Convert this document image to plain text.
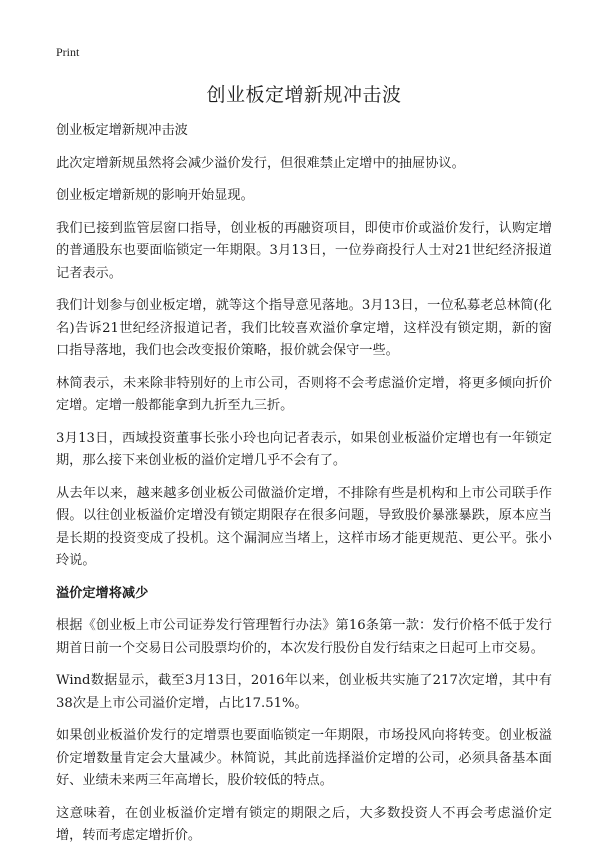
Print
创业板定增新规冲击波

创业板定增新规冲击波

此次定增新规虽然将会减少溢价发行，但很难禁止定增中的抽屉协议。

创业板定增新规的影响开始显现。

我们已接到监管层窗口指导，创业板的再融资项目，即使市价或溢价发行，认购定增的普通股东也要面临锁定一年期限。3月13日，一位券商投行人士对21世纪经济报道记者表示。

我们计划参与创业板定增，就等这个指导意见落地。3月13日，一位私募老总林简(化名)告诉21世纪经济报道记者，我们比较喜欢溢价拿定增，这样没有锁定期，新的窗口指导落地，我们也会改变报价策略，报价就会保守一些。

林简表示，未来除非特别好的上市公司，否则将不会考虑溢价定增，将更多倾向折价定增。定增一般都能拿到九折至九三折。

3月13日，西域投资董事长张小玲也向记者表示，如果创业板溢价定增也有一年锁定期，那么接下来创业板的溢价定增几乎不会有了。

从去年以来，越来越多创业板公司做溢价定增，不排除有些是机构和上市公司联手作假。以往创业板溢价定增没有锁定期限存在很多问题，导致股价暴涨暴跌，原本应当是长期的投资变成了投机。这个漏洞应当堵上，这样市场才能更规范、更公平。张小玲说。

溢价定增将减少

根据《创业板上市公司证券发行管理暂行办法》第16条第一款：发行价格不低于发行期首日前一个交易日公司股票均价的，本次发行股份自发行结束之日起可上市交易。

Wind数据显示，截至3月13日，2016年以来，创业板共实施了217次定增，其中有38次是上市公司溢价定增，占比17.51%。

如果创业板溢价发行的定增票也要面临锁定一年期限，市场投风向将转变。创业板溢价定增数量肯定会大量减少。林简说，其此前选择溢价定增的公司，必须具备基本面好、业绩未来两三年高增长，股价较低的特点。

这意味着，在创业板溢价定增有锁定的期限之后，大多数投资人不再会考虑溢价定增，转而考虑定增折价。
